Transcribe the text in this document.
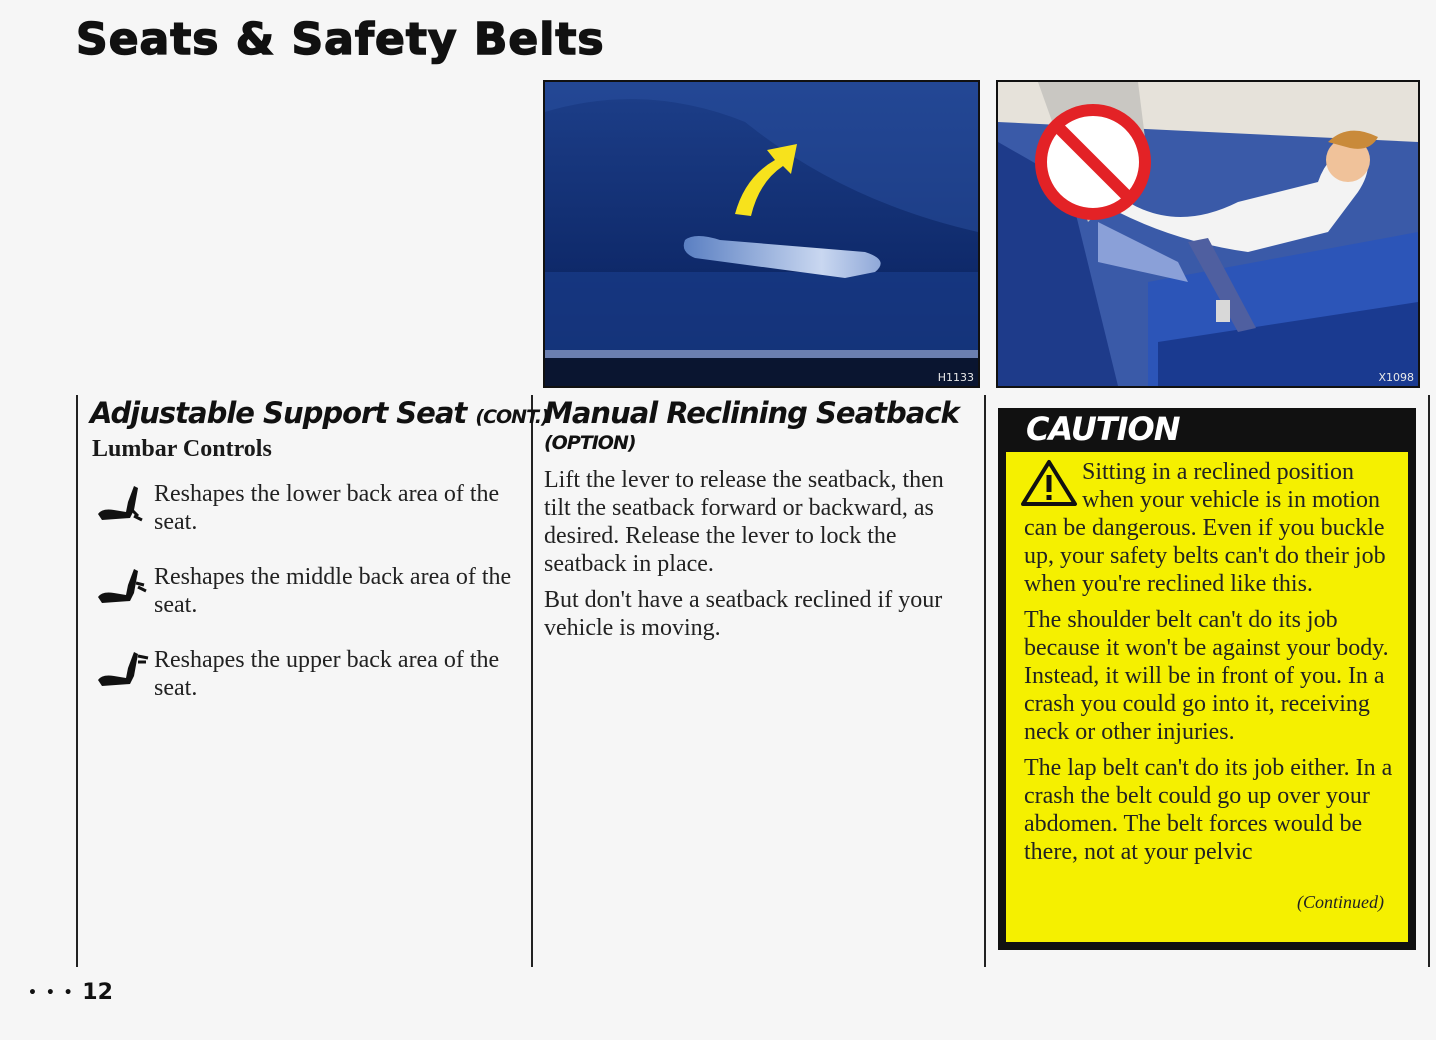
Seats & Safety Belts
H1133	X1098
Adjustable Support Seat (CONT.)
Lumbar Controls
Reshapes the lower back area of the seat.
Reshapes the middle back area of the seat.
Reshapes the upper back area of the seat.
Manual Reclining Seatback
(OPTION)

Lift the lever to release the seatback, then tilt the seatback forward or backward, as desired. Release the lever to lock the seatback in place.

But don't have a seatback reclined if your vehicle is moving.

CAUTION

Sitting in a reclined position when your vehicle is in motion can be dangerous. Even if you buckle up, your safety belts can't do their job when you're reclined like this.

The shoulder belt can't do its job because it won't be against your body. Instead, it will be in front of you. In a crash you could go into it, receiving neck or other injuries.

The lap belt can't do its job either. In a crash the belt could go up over your abdomen. The belt forces would be there, not at your pelvic

(Continued)
• • • 12
